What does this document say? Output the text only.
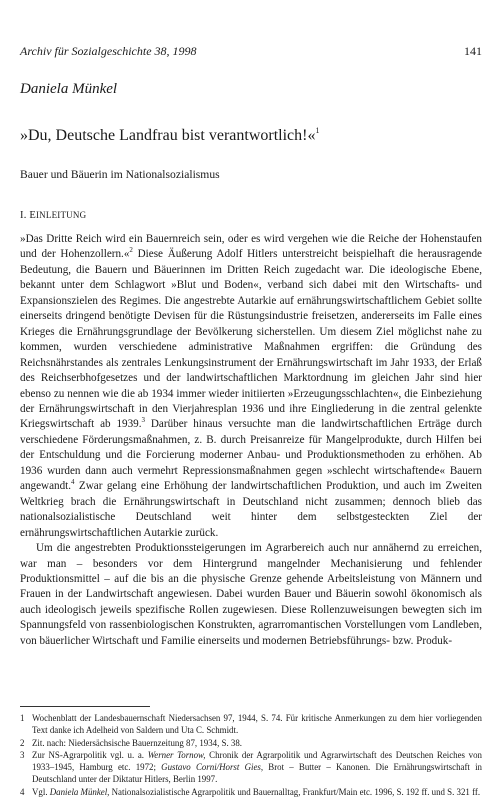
Archiv für Sozialgeschichte 38, 1998	141
Daniela Münkel
»Du, Deutsche Landfrau bist verantwortlich!«$^1$
Bauer und Bäuerin im Nationalsozialismus
I. EINLEITUNG

»Das Dritte Reich wird ein Bauernreich sein, oder es wird vergehen wie die Reiche der Hohenstaufen und der Hohenzollern.«$^2$ Diese Äußerung Adolf Hitlers unterstreicht beispielhaft die herausragende Bedeutung, die Bauern und Bäuerinnen im Dritten Reich zugedacht war. Die ideologische Ebene, bekannt unter dem Schlagwort »Blut und Boden«, verband sich dabei mit den Wirtschafts- und Expansionszielen des Regimes. Die angestrebte Autarkie auf ernährungswirtschaftlichem Gebiet sollte einerseits dringend benötigte Devisen für die Rüstungsindustrie freisetzen, andererseits im Falle eines Krieges die Ernährungsgrundlage der Bevölkerung sicherstellen. Um diesem Ziel möglichst nahe zu kommen, wurden verschiedene administrative Maßnahmen ergriffen: die Gründung des Reichsnährstandes als zentrales Lenkungsinstrument der Ernährungswirtschaft im Jahr 1933, der Erlaß des Reichserbhofgesetzes und der landwirtschaftlichen Marktordnung im gleichen Jahr sind hier ebenso zu nennen wie die ab 1934 immer wieder initiierten »Erzeugungsschlachten«, die Einbeziehung der Ernährungswirtschaft in den Vierjahresplan 1936 und ihre Eingliederung in die zentral gelenkte Kriegswirtschaft ab 1939.$^3$ Darüber hinaus versuchte man die landwirtschaftlichen Erträge durch verschiedene Förderungsmaßnahmen, z. B. durch Preisanreize für Mangelprodukte, durch Hilfen bei der Entschuldung und die Forcierung moderner Anbau- und Produktionsmethoden zu erhöhen. Ab 1936 wurden dann auch vermehrt Repressionsmaßnahmen gegen »schlecht wirtschaftende« Bauern angewandt.$^4$ Zwar gelang eine Erhöhung der landwirtschaftlichen Produktion, und auch im Zweiten Weltkrieg brach die Ernährungswirtschaft in Deutschland nicht zusammen; dennoch blieb das nationalsozialistische Deutschland weit hinter dem selbstgesteckten Ziel der ernährungswirtschaftlichen Autarkie zurück.

Um die angestrebten Produktionssteigerungen im Agrarbereich auch nur annähernd zu erreichen, war man – besonders vor dem Hintergrund mangelnder Mechanisierung und fehlender Produktionsmittel – auf die bis an die physische Grenze gehende Arbeitsleistung von Männern und Frauen in der Landwirtschaft angewiesen. Dabei wurden Bauer und Bäuerin sowohl ökonomisch als auch ideologisch jeweils spezifische Rollen zugewiesen. Diese Rollenzuweisungen bewegten sich im Spannungsfeld von rassenbiologischen Konstrukten, agrarromantischen Vorstellungen vom Landleben, von bäuerlicher Wirtschaft und Familie einerseits und modernen Betriebsführungs- bzw. Produk-

1 Wochenblatt der Landesbauernschaft Niedersachsen 97, 1944, S. 74. Für kritische Anmerkungen zu dem hier vorliegenden Text danke ich Adelheid von Saldern und Uta C. Schmidt.
2 Zit. nach: Niedersächsische Bauernzeitung 87, 1934, S. 38.
3 Zur NS-Agrarpolitik vgl. u. a. Werner Tornow, Chronik der Agrarpolitik und Agrarwirtschaft des Deutschen Reiches von 1933–1945, Hamburg etc. 1972; Gustavo Corni/Horst Gies, Brot – Butter – Kanonen. Die Ernährungswirtschaft in Deutschland unter der Diktatur Hitlers, Berlin 1997.
4 Vgl. Daniela Münkel, Nationalsozialistische Agrarpolitik und Bauernalltag, Frankfurt/Main etc. 1996, S. 192 ff. und S. 321 ff.
